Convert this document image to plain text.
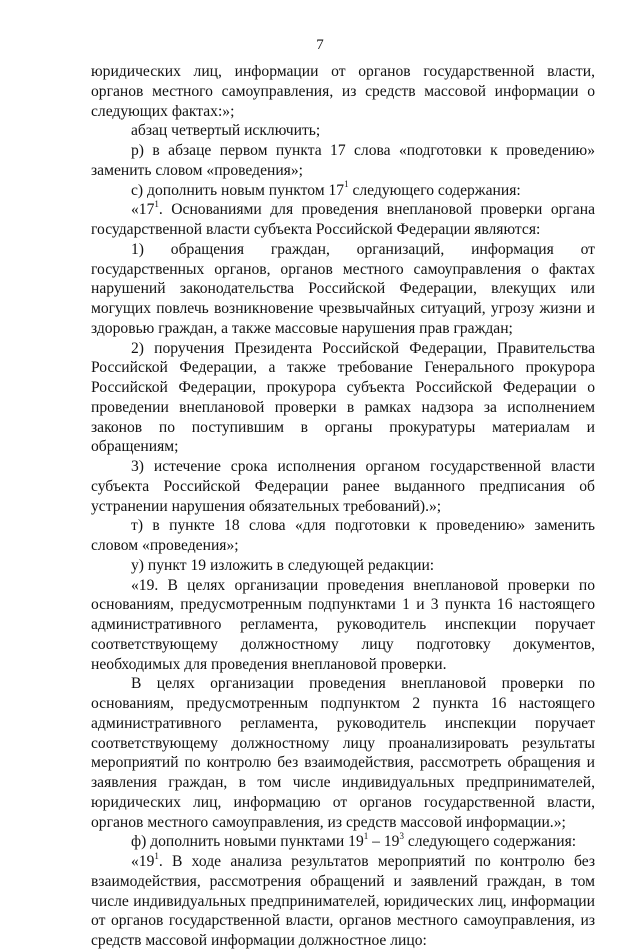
7

юридических лиц, информации от органов государственной власти, органов местного самоуправления, из средств массовой информации о следующих фактах:»;

абзац четвертый исключить;

р) в абзаце первом пункта 17 слова «подготовки к проведению» заменить словом «проведения»;

с) дополнить новым пунктом $17^1$ следующего содержания:

«$17^1$. Основаниями для проведения внеплановой проверки органа государственной власти субъекта Российской Федерации являются:

1) обращения граждан, организаций, информация от государственных органов, органов местного самоуправления о фактах нарушений законодательства Российской Федерации, влекущих или могущих повлечь возникновение чрезвычайных ситуаций, угрозу жизни и здоровью граждан, а также массовые нарушения прав граждан;

2) поручения Президента Российской Федерации, Правительства Российской Федерации, а также требование Генерального прокурора Российской Федерации, прокурора субъекта Российской Федерации о проведении внеплановой проверки в рамках надзора за исполнением законов по поступившим в органы прокуратуры материалам и обращениям;

3) истечение срока исполнения органом государственной власти субъекта Российской Федерации ранее выданного предписания об устранении нарушения обязательных требований).»;

т) в пункте 18 слова «для подготовки к проведению» заменить словом «проведения»;

у) пункт 19 изложить в следующей редакции:

«19. В целях организации проведения внеплановой проверки по основаниям, предусмотренным подпунктами 1 и 3 пункта 16 настоящего административного регламента, руководитель инспекции поручает соответствующему должностному лицу подготовку документов, необходимых для проведения внеплановой проверки.

В целях организации проведения внеплановой проверки по основаниям, предусмотренным подпунктом 2 пункта 16 настоящего административного регламента, руководитель инспекции поручает соответствующему должностному лицу проанализировать результаты мероприятий по контролю без взаимодействия, рассмотреть обращения и заявления граждан, в том числе индивидуальных предпринимателей, юридических лиц, информацию от органов государственной власти, органов местного самоуправления, из средств массовой информации.»;

ф) дополнить новыми пунктами $19^1 - 19^3$ следующего содержания:

«$19^1$. В ходе анализа результатов мероприятий по контролю без взаимодействия, рассмотрения обращений и заявлений граждан, в том числе индивидуальных предпринимателей, юридических лиц, информации от органов государственной власти, органов местного самоуправления, из средств массовой информации должностное лицо:
